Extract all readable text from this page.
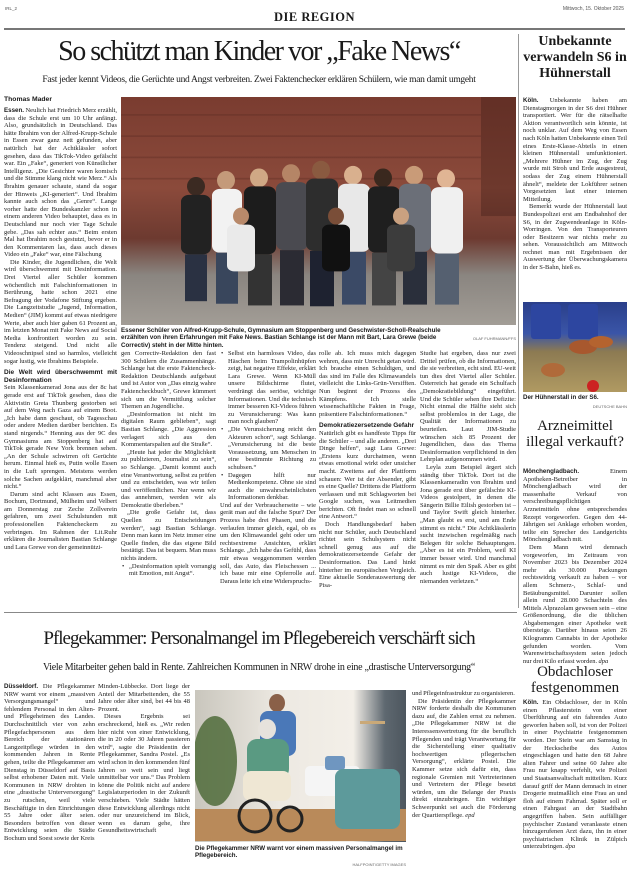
IRL_2	Mittwoch, 15. Oktober 2025
DIE REGION
So schützt man Kinder vor „Fake News“
Fast jeder kennt Videos, die Gerüchte und Angst verbreiten. Zwei Faktenchecker erklären Schülern, wie man damit umgeht
Thomas Mader

Essen. Neulich hat Friedrich Merz erzählt, dass die Schule erst um 10 Uhr anfängt. Also, grundsätzlich in Deutschland. Das hätte Ibrahim von der Alfred-Krupp-Schule in Essen zwar ganz nett gefunden, aber natürlich hat der Achtklässler sofort gesehen, dass das TikTok-Video gefälscht war. Ein „Fake“, generiert von Künstlicher Intelligenz. „Die Gesichter waren komisch und die Stimme klang nicht wie Merz.“ Als Ibrahim genauer schaute, stand da sogar der Hinweis „KI-generiert“. Und Ibrahim kannte auch schon das „Genre“. Lange vorher hatte der Bundeskanzler schon in einem anderen Video behauptet, dass es in Deutschland nur noch vier Tage Schule gebe. „Das sah echter aus.“ Beim ersten Mal hat Ibrahim noch gestutzt, bevor er in den Kommentaren las, dass auch dieses Video ein „Fake“ war, eine Fälschung

Die Kinder, die Jugendlichen, die Welt wird überschwemmt mit Desinformation. Drei Viertel aller Schüler kommen wöchentlich mit Falschinformationen in Berührung, hatte schon 2021 eine Befragung der Vodafone Stiftung ergeben. Die Langzeitstudie „Jugend, Information, Medien“ (JIM) kommt auf etwas niedrigere Werte, aber auch hier gaben 61 Prozent an, im letzten Monat mit Fake News auf Social Media konfrontiert worden zu sein. Tendenz steigend. Und nicht alle Videoschnipsel sind so harmlos, vielleicht sogar lustig, wie Ibrahims Beispiele.

Die Welt wird überschwemmt mit Desinformation

Sein Klassenkamerad Jona aus der 8c hat gerade erst auf TikTok gesehen, dass die Aktivistin Greta Thunberg gestorben sei auf dem Weg nach Gaza auf einem Boot. „Ich habe dann geschaut, ob Tagesschau oder andere Medien darüber berichten. Es stand nirgends.“ Henning aus der 9C des Gymnasiums am Stoppenberg hat auf TikTok gerade New York brennen sehen. „An der Schule schwirren oft Gerüchte herum. Einmal hieß es, Putin wolle Essen in die Luft sprengen. Meistens werden solche Sachen aufgeklärt, manchmal aber nicht.“

Darum sind acht Klassen aus Essen, Bochum, Dortmund, Mülheim und Velbert am Donnerstag zur Zeche Zollverein gefahren, um zwei Schulstunden mit professionellen Faktencheckern zu verbringen. Im Rahmen der Lit.Ruhr erklären die Journalisten Bastian Schlange und Lara Grewe von der gemeinnützi-

Essener Schüler von Alfred-Krupp-Schule, Gymnasium am Stoppenberg und Geschwister-Scholl-Realschule erzählten von ihren Erfahrungen mit Fake News. Bastian Schlange ist der Mann mit Bart, Lara Grewe (beide Correctiv) steht in der Mitte hinten.
OLAF FUHRMANN/FFS

gen Correctiv-Redaktion den fast 300 Schülern die Zusammenhänge. Schlange hat die erste Faktencheck-Redaktion Deutschlands aufgebaut und ist Autor von „Das einzig wahre Faktencheckbuch“, Grewe kümmert sich um die Vermittlung solcher Themen an Jugendliche.

„Desinformation ist nicht im digitalen Raum geblieben“, sagt Bastian Schlange. „Die Aggression verlagert sich aus den Kommentarspalten auf die Straße“.

„Heute hat jeder die Möglichkeit zu publizieren, Journalist zu sein“, so Schlange. „Damit kommt auch eine Verantwortung, selbst zu prüfen und zu entscheiden, was wir teilen und veröffentlichen. Nur wenn wir das annehmen, werden wir als Demokratie überleben.“

„Die große Gefahr ist, dass Quellen zu Entscheidungen werden“, sagt Bastian Schlange. Denn man kann im Netz immer eine Quelle finden, die das eigene Bild bestätigt. Das ist bequem. Man muss nichts ändern.

• „Desinformation spielt vorrangig mit Emotion, mit Angst“.
• Selbst ein harmloses Video, das Häschen beim Trampolinhüpfen zeigt, hat negative Effekte, erklärt Lara Grewe. Wenn KI-Müll unsere Bildschirme flutet, verdrängt das seriöse, wichtige Informationen. Und die technisch immer besseren KI-Videos führen zu Verunsicherung: Was kann man noch glauben?
• „Die Verunsicherung reicht den Akteuren schon“, sagt Schlange. „Verunsicherung ist die beste Voraussetzung, um Menschen in eine bestimmte Richtung zu schubsen.“
• Dagegen hilft nur Medienkompetenz. Ohne sie sind auch die unwahrscheinlichsten Informationen denkbar.

Und auf der Verbraucherseite – wie gerät man auf die falsche Spur? Der Prozess habe drei Phasen, und die verlaufen immer gleich, egal, ob es um den Klimawandel geht oder um rechtsextreme Ansichten, erklärt Schlange. „Ich habe das Gefühl, dass mir etwas weggenommen werden soll, das Auto, das Fleischessen ... ich baue mir eine Opferrolle auf. Daraus leite ich eine Widerspruchs-

rolle ab. Ich muss mich dagegen wehren, dass mir Unrecht getan wird. Ich brauche einen Schuldigen, und das sind im Falle des Klimawandels vielleicht die Links-Grün-Versifften. Nun beginnt der Prozess des Kämpfens. Ich stelle wissenschaftliche Fakten in Frage, präsentiere Falschinformationen.“

Demokratiezersetzende Gefahr

Natürlich gibt es handfeste Tipps für die Schüler – und alle anderen. „Drei Dinge helfen“, sagt Lara Grewe: „Erstens kurz durchatmen, wenn etwas emotional wirkt oder unsicher macht. Zweitens auf der Plattform schauen: Wer ist der Absender, gibt es eine Quelle? Drittens die Plattform verlassen und mit Schlagworten bei Google suchen, was Leitmedien berichten. Oft findet man so schnell eine Antwort.“

Doch Handlungsbedarf haben nicht nur Schüler, auch Deutschland richtet sein Schulsystem nicht schnell genug aus auf die demokratiezersetzende Gefahr der Desinformation. Das Land hinkt hinterher im europäischen Vergleich. Eine aktuelle Sonderauswertung der Pisa-

Studie hat ergeben, dass nur zwei Drittel prüfen, ob die Informationen, die sie verbreiten, echt sind. EU-weit tun dies drei Viertel aller Schüler. Österreich hat gerade ein Schulfach „Demokratiebildung“ eingeführt. Und die Schüler sehen ihre Defizite: Nicht einmal die Hälfte sieht sich selbst problemlos in der Lage, die Qualität der Informationen zu beurteilen. Laut JIM-Studie wünschen sich 85 Prozent der Jugendlichen, dass das Thema Desinformation verpflichtend in den Lehrplan aufgenommen wird.

Leyla zum Beispiel ärgert sich ständig über TikTok. Dort ist die Klassenkameradin von Ibrahim und Jona gerade erst über gefälschte KI-Videos gestolpert, in denen die Sängerin Billie Eilish gestorben ist – und Taylor Swift gleich hinterher. „Man glaubt es erst, und am Ende stimmt es nicht.“ Die Achtklässlerin sucht inzwischen regelmäßig nach Belegen für solche Behauptungen. „Aber es ist ein Problem, weil KI immer besser wird. Und manchmal nimmt es mir den Spaß. Aber es gibt auch lustige KI-Videos, die niemanden verletzen.“

Pflegekammer: Personalmangel im Pflegebereich verschärft sich
Viele Mitarbeiter gehen bald in Rente. Zahlreichen Kommunen in NRW drohe in eine „drastische Unterversorgung“

Düsseldorf. Die Pflegekammer NRW warnt vor einem „massiven Versorgungsmangel“ und fehlendem Personal in den Alten- und Pflegeheimen des Landes. Durchschnittlich vier von zehn Pflegefachpersonen aus dem Bereich der stationären Langzeitpflege würden in den kommenden Jahren in Rente gehen, teilte die Pflegekammer am Dienstag in Düsseldorf auf Basis selbst erhobener Daten mit. Viele Kommunen in NRW drohten in eine „drastische Unterversorgung“ zu rutschen, weil viele Beschäftigte in den Einrichtungen 55 Jahre oder älter seien. Besonders betroffen von dieser Entwicklung seien die Städte Bochum und Soest sowie der Kreis

Minden-Lübbecke. Dort liege der Anteil der Mitarbeitenden, die 55 Jahre oder älter sind, bei 44 bis 48 Prozent.

Dieses Ergebnis sei erschreckend, hieß es. „Wir reden hier nicht von einer Entwicklung, die in 20 oder 30 Jahren passieren wird“, sagte die Präsidentin der Pflegekammer, Sandra Postel. „Es wird schon in den kommenden fünf Jahren so weit sein und liegt unmittelbar vor uns.“ Das Problem könne die Politik nicht auf andere Legislaturperioden in der Zukunft verschieben. Viele Städte hätten diese Entwicklung allerdings nicht oder nur unzureichend im Blick, wenn es darum gehe, ihre Gesundheitswirtschaft

Die Pflegekammer NRW warnt vor einem massiven Personalmangel im Pflegebereich.
HALFPOINT/GETTY IMAGES

und Pflegeinfrastruktur zu organisieren.

Die Präsidentin der Pflegekammer NRW forderte deshalb die Kommunen dazu auf, die Zahlen ernst zu nehmen. „Die Pflegekammer NRW ist die Interessensvertretung für die beruflich Pflegenden und trägt Verantwortung für die Sicherstellung einer qualitativ hochwertigen pflegerischen Versorgung“, erklärte Postel. Die Kammer setze sich dafür ein, dass regionale Gremien mit Vertreterinnen und Vertretern der Pflege besetzt würden, um die Belange der Praxis direkt einzubringen. Ein wichtiger Schwerpunkt sei auch die Förderung der Quartierspflege. epd

Unbekannte verwandeln S6 in Hühnerstall

Köln. Unbekannte haben am Dienstagmorgen in der S6 drei Hühner transportiert. Wer für die rätselhafte Aktion verantwortlich sein könnte, ist noch unklar. Auf dem Weg von Essen nach Köln hatten Unbekannte einen Teil eines Erste-Klasse-Abteils in einen kleinen Hühnerstall umfunktioniert. „Mehrere Hühner im Zug, der Zug wurde mit Stroh und Erde ausgestreut, sodass der Zug einem Hühnerstall ähnelt“, meldete der Lokführer seinen Vorgesetzten laut einer internen Mitteilung.

Bemerkt wurde der Hühnerstall laut Bundespolizei erst am Endbahnhof der S6, in der Zugwendeanlage in Köln-Worringen. Von den Transporteuren oder Besitzern war nichts mehr zu sehen. Voraussichtlich am Mittwoch rechnet man mit Ergebnissen der Auswertung der Überwachungskamera in der S-Bahn, hieß es.

Der Hühnerstall in der S6.
DEUTSCHE BAHN
Arzneimittel illegal verkauft?

Mönchengladbach.	Einem Apotheken-Betreiber in Mönchengladbach wird der massenhafte Verkauf von verschreibungspflichtigen Arzneimitteln ohne entsprechendes Rezept vorgeworfen. Gegen den 44-Jährigen sei Anklage erhoben worden, teilte ein Sprecher des Landgerichts Mönchengladbach mit.

Dem Mann wird demnach vorgeworfen, im Zeitraum von November 2023 bis Dezember 2024 mehr als 30.000 Packungen rechtswidrig verkauft zu haben – vor allem Schmerz-, Schlaf- und Betäubungsmittel. Darunter sollen allein rund 28.000 Schachteln des Mittels Alprazolam gewesen sein – eine Größenordnung, die die üblichen Abgabemengen einer Apotheke weit übersteige. Darüber hinaus seien 26 Kilogramm Cannabis in der Apotheke gefunden worden. Vom Warenwirtschaftssystem seien jedoch nur drei Kilo erfasst worden. dpa

Obdachloser festgenommen

Köln. Ein Obdachloser, der in Köln einen Pflasterstein von einer Überführung auf ein fahrendes Auto geworfen haben soll, ist von der Polizei in einer Psychiatrie festgenommen worden. Der Stein war am Samstag in der Heckscheibe des Autos eingeschlagen und hatte den 68 Jahre alten Fahrer und seine 60 Jahre alte Frau nur knapp verfehlt, wie Polizei und Staatsanwaltschaft mitteilten. Kurz darauf griff der Mann demnach in einer Drogerie mutmaßlich eine Frau an und floh auf einem Fahrrad. Später soll er einen Fahrgast an der Stadtbahn angegriffen haben. Sein auffälliger psychischer Zustand veranlasste einen hinzugerufenen Arzt dazu, ihn in einer psychiatrischen Klinik in Zülpich unterzubringen. dpa
